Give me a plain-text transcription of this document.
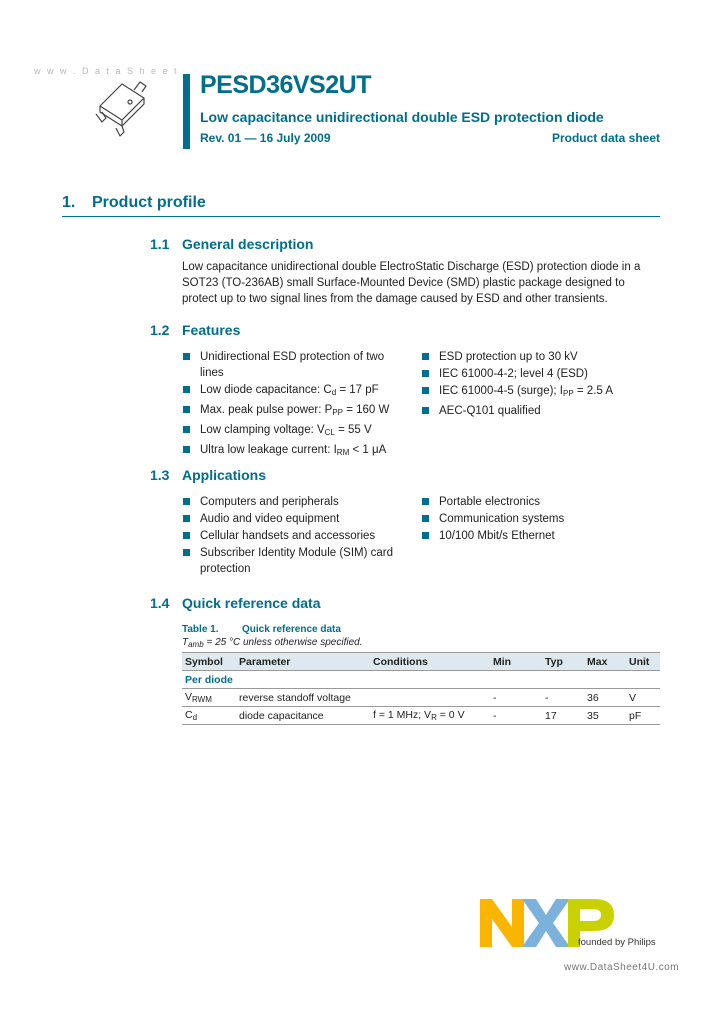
w w w . D a t a S h e e t PESD36VS2UT
Low capacitance unidirectional double ESD protection diode
Rev. 01 — 16 July 2009	Product data sheet
1. Product profile
1.1 General description
Low capacitance unidirectional double ElectroStatic Discharge (ESD) protection diode in a SOT23 (TO-236AB) small Surface-Mounted Device (SMD) plastic package designed to protect up to two signal lines from the damage caused by ESD and other transients.
1.2 Features
Unidirectional ESD protection of two lines
Low diode capacitance: $C_d = 17$ pF
Max. peak pulse power: $P_{PP} = 160$ W
Low clamping voltage: $V_{CL} = 55$ V
Ultra low leakage current: $I_{RM} < 1$ μA
ESD protection up to 30 kV
IEC 61000-4-2; level 4 (ESD)
IEC 61000-4-5 (surge); $I_{PP} = 2.5$ A
AEC-Q101 qualified
1.3 Applications
Computers and peripherals
Audio and video equipment
Cellular handsets and accessories
Subscriber Identity Module (SIM) card protection
Portable electronics
Communication systems
10/100 Mbit/s Ethernet
1.4 Quick reference data
Table 1. Quick reference data
$T_{amb} = 25$ °C unless otherwise specified.
Symbol	Parameter	Conditions	Min	Typ	Max	Unit
Per diode						
$V_{RWM}$	reverse standoff voltage		-	-	36	V
$C_d$	diode capacitance	f = 1 MHz; $V_R = 0$ V	-	17	35	pF
founded by Philips
www.DataSheet4U.com
